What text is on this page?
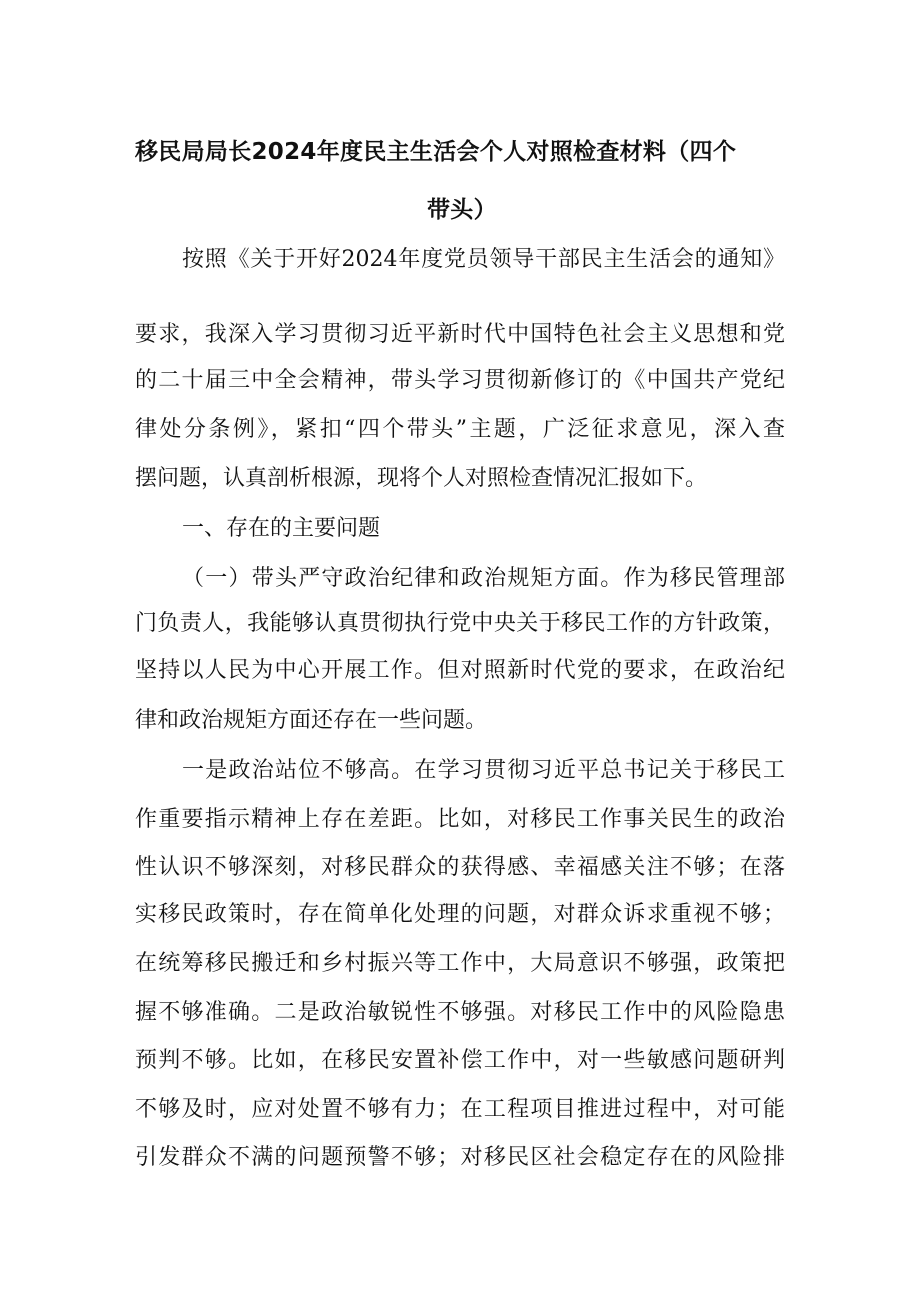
移民局局长2024年度民主生活会个人对照检查材料（四个
带头）
按照《关于开好2024年度党员领导干部民主生活会的通知》
要求，我深入学习贯彻习近平新时代中国特色社会主义思想和党
的二十届三中全会精神，带头学习贯彻新修订的《中国共产党纪
律处分条例》，紧扣“四个带头”主题，广泛征求意见，深入查
摆问题，认真剖析根源，现将个人对照检查情况汇报如下。
一、存在的主要问题
（一）带头严守政治纪律和政治规矩方面。作为移民管理部
门负责人，我能够认真贯彻执行党中央关于移民工作的方针政策，
坚持以人民为中心开展工作。但对照新时代党的要求，在政治纪
律和政治规矩方面还存在一些问题。
一是政治站位不够高。在学习贯彻习近平总书记关于移民工
作重要指示精神上存在差距。比如，对移民工作事关民生的政治
性认识不够深刻，对移民群众的获得感、幸福感关注不够；在落
实移民政策时，存在简单化处理的问题，对群众诉求重视不够；
在统筹移民搬迁和乡村振兴等工作中，大局意识不够强，政策把
握不够准确。二是政治敏锐性不够强。对移民工作中的风险隐患
预判不够。比如，在移民安置补偿工作中，对一些敏感问题研判
不够及时，应对处置不够有力；在工程项目推进过程中，对可能
引发群众不满的问题预警不够；对移民区社会稳定存在的风险排
